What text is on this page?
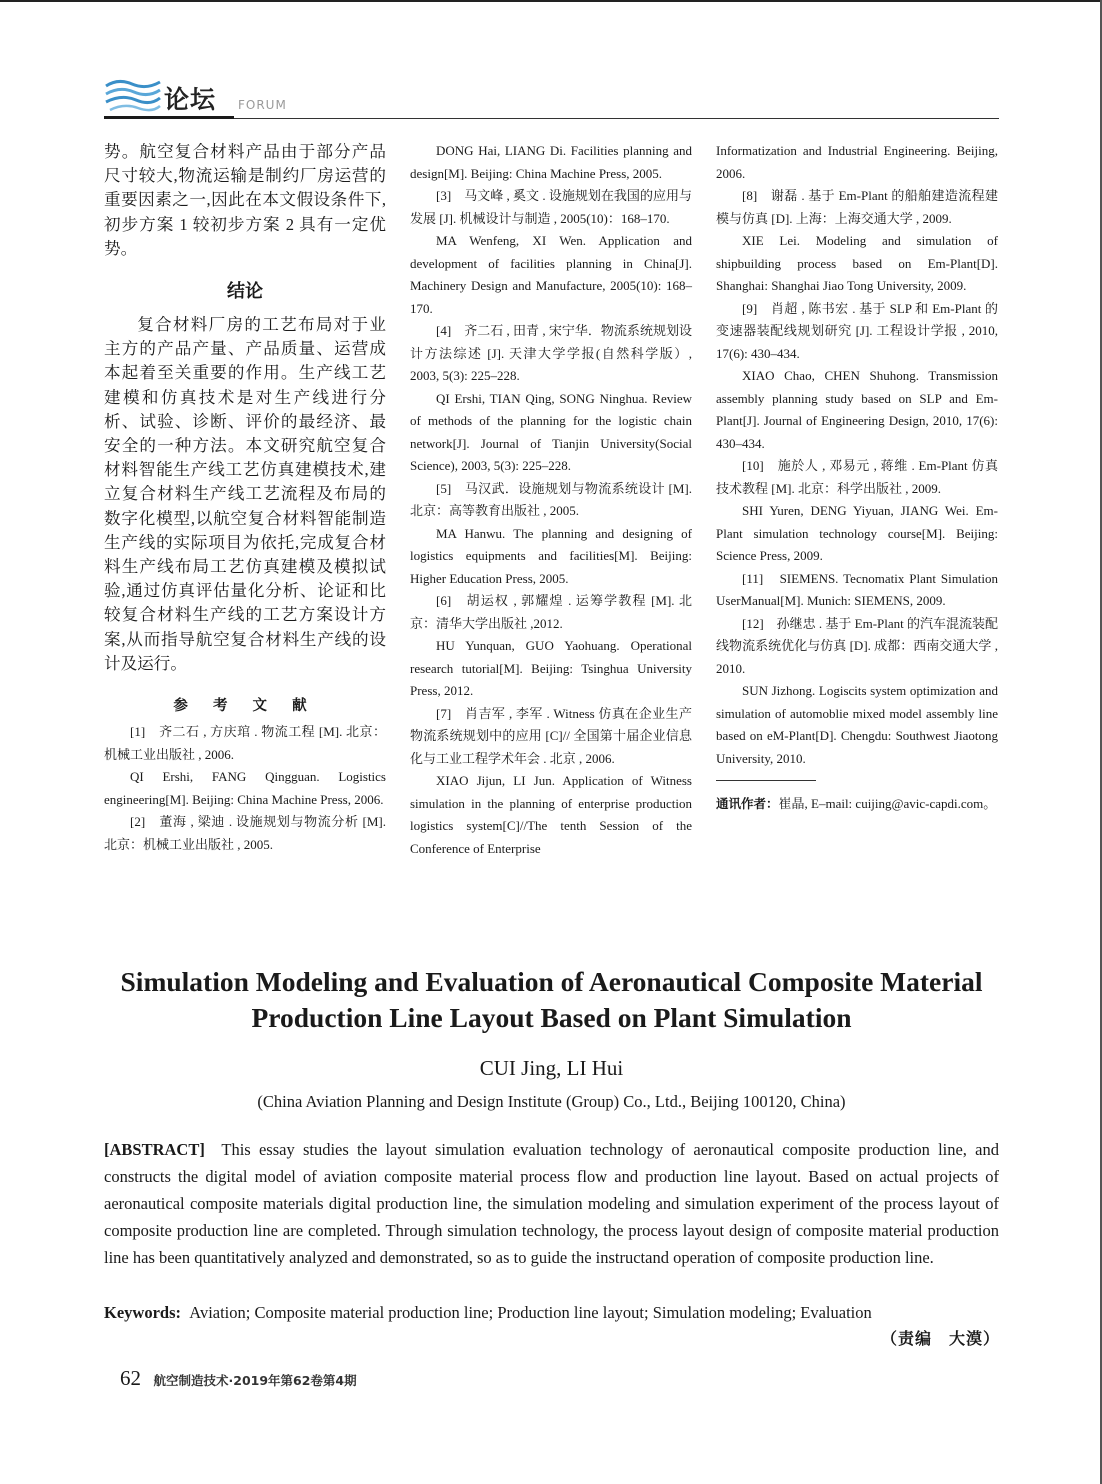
论坛 FORUM

势。航空复合材料产品由于部分产品尺寸较大,物流运输是制约厂房运营的重要因素之一,因此在本文假设条件下,初步方案 1 较初步方案 2 具有一定优势。

结论

复合材料厂房的工艺布局对于业主方的产品产量、产品质量、运营成本起着至关重要的作用。生产线工艺建模和仿真技术是对生产线进行分析、试验、诊断、评价的最经济、最安全的一种方法。本文研究航空复合材料智能生产线工艺仿真建模技术,建立复合材料生产线工艺流程及布局的数字化模型,以航空复合材料智能制造生产线的实际项目为依托,完成复合材料生产线布局工艺仿真建模及模拟试验,通过仿真评估量化分析、论证和比较复合材料生产线的工艺方案设计方案,从而指导航空复合材料生产线的设计及运行。

参 考 文 献

[1]　齐二石 , 方庆琯 . 物流工程 [M]. 北京：机械工业出版社 , 2006.

QI Ershi, FANG Qingguan. Logistics engineering[M]. Beijing: China Machine Press, 2006.

[2]　董海 , 梁迪 . 设施规划与物流分析 [M]. 北京：机械工业出版社 , 2005.

DONG Hai, LIANG Di. Facilities planning and design[M]. Beijing: China Machine Press, 2005.

[3]　马文峰 , 奚文 . 设施规划在我国的应用与发展 [J]. 机械设计与制造 , 2005(10)：168–170.

MA Wenfeng, XI Wen. Application and development of facilities planning in China[J]. Machinery Design and Manufacture, 2005(10): 168–170.

[4]　齐二石 , 田青 , 宋宁华．物流系统规划设计方法综述 [J]. 天津大学学报(自然科学版）, 2003, 5(3): 225–228.

QI Ershi, TIAN Qing, SONG Ninghua. Review of methods of the planning for the logistic chain network[J]. Journal of Tianjin University(Social Science), 2003, 5(3): 225–228.

[5]　马汉武．设施规划与物流系统设计 [M]. 北京：高等教育出版社 , 2005.

MA Hanwu. The planning and designing of logistics equipments and facilities[M]. Beijing: Higher Education Press, 2005.

[6]　胡运权 , 郭耀煌 . 运筹学教程 [M]. 北京：清华大学出版社 ,2012.

HU Yunquan, GUO Yaohuang. Operational research tutorial[M]. Beijing: Tsinghua University Press, 2012.

[7]　肖吉军 , 李军 . Witness 仿真在企业生产物流系统规划中的应用 [C]// 全国第十届企业信息化与工业工程学术年会 . 北京 , 2006.

XIAO Jijun, LI Jun. Application of Witness simulation in the planning of enterprise production logistics system[C]//The tenth Session of the Conference of Enterprise

Informatization and Industrial Engineering. Beijing, 2006.

[8]　谢磊 . 基于 Em-Plant 的船舶建造流程建模与仿真 [D]. 上海：上海交通大学 , 2009.

XIE Lei. Modeling and simulation of shipbuilding process based on Em-Plant[D]. Shanghai: Shanghai Jiao Tong University, 2009.

[9]　肖超 , 陈书宏 . 基于 SLP 和 Em-Plant 的变速器装配线规划研究 [J]. 工程设计学报 , 2010, 17(6): 430–434.

XIAO Chao, CHEN Shuhong. Transmission assembly planning study based on SLP and Em-Plant[J]. Journal of Engineering Design, 2010, 17(6): 430–434.

[10]　施於人 , 邓易元 , 蒋维 . Em-Plant 仿真技术教程 [M]. 北京：科学出版社 , 2009.

SHI Yuren, DENG Yiyuan, JIANG Wei. Em-Plant simulation technology course[M]. Beijing: Science Press, 2009.

[11]　SIEMENS. Tecnomatix Plant Simulation UserManual[M]. Munich: SIEMENS, 2009.

[12]　孙继忠 . 基于 Em-Plant 的汽车混流装配线物流系统优化与仿真 [D]. 成都：西南交通大学 , 2010.

SUN Jizhong. Logiscits system optimization and simulation of automoblie mixed model assembly line based on eM-Plant[D]. Chengdu: Southwest Jiaotong University, 2010.

通讯作者：崔晶, E–mail: cuijing@avic-capdi.com。

Simulation Modeling and Evaluation of Aeronautical Composite Material
Production Line Layout Based on Plant Simulation
CUI Jing, LI Hui
(China Aviation Planning and Design Institute (Group) Co., Ltd., Beijing 100120, China)

[ABSTRACT] This essay studies the layout simulation evaluation technology of aeronautical composite production line, and constructs the digital model of aviation composite material process flow and production line layout. Based on actual projects of aeronautical composite materials digital production line, the simulation modeling and simulation experiment of the process layout of composite production line are completed. Through simulation technology, the process layout design of composite material production line has been quantitatively analyzed and demonstrated, so as to guide the instructand operation of composite production line.

Keywords: Aviation; Composite material production line; Production line layout; Simulation modeling; Evaluation

（责编　大漠）
62 航空制造技术·2019年第62卷第4期
